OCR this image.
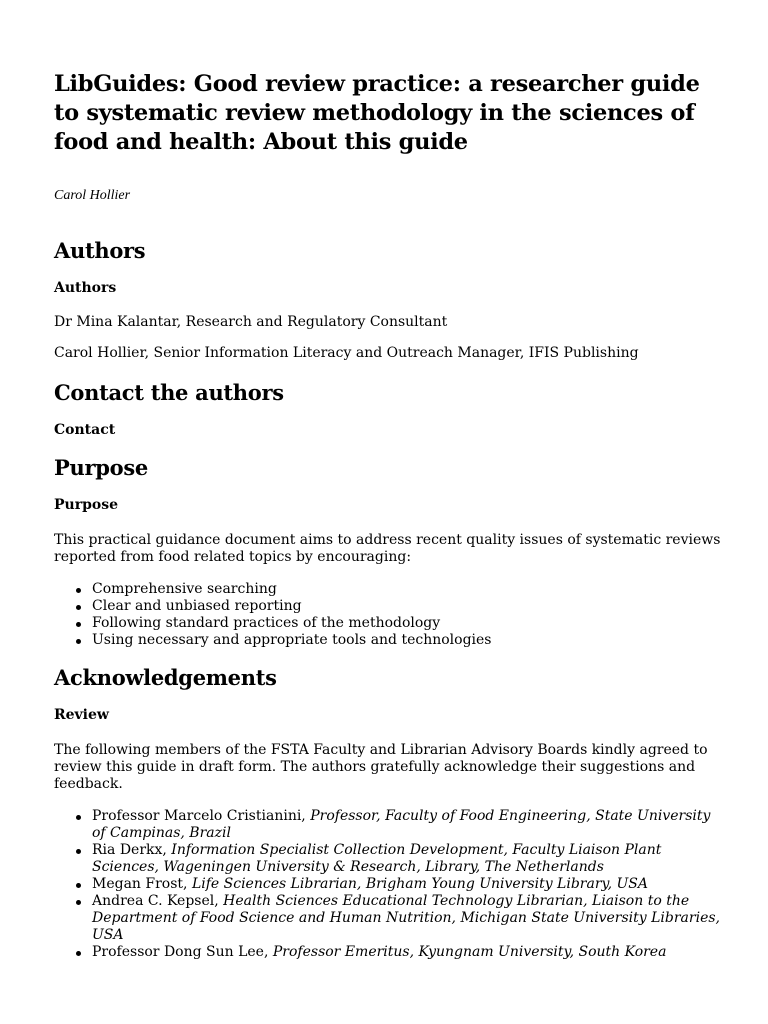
LibGuides: Good review practice: a researcher guide to systematic review methodology in the sciences of food and health: About this guide
Carol Hollier
Authors
Authors

Dr Mina Kalantar, Research and Regulatory Consultant

Carol Hollier, Senior Information Literacy and Outreach Manager, IFIS Publishing

Contact the authors
Contact
Purpose
Purpose

This practical guidance document aims to address recent quality issues of systematic reviews reported from food related topics by encouraging:

Comprehensive searching
Clear and unbiased reporting
Following standard practices of the methodology
Using necessary and appropriate tools and technologies
Acknowledgements
Review

The following members of the FSTA Faculty and Librarian Advisory Boards kindly agreed to review this guide in draft form. The authors gratefully acknowledge their suggestions and feedback.

Professor Marcelo Cristianini, Professor, Faculty of Food Engineering, State University of Campinas, Brazil
Ria Derkx, Information Specialist Collection Development, Faculty Liaison Plant Sciences, Wageningen University & Research, Library, The Netherlands
Megan Frost, Life Sciences Librarian, Brigham Young University Library, USA
Andrea C. Kepsel, Health Sciences Educational Technology Librarian, Liaison to the Department of Food Science and Human Nutrition, Michigan State University Libraries, USA
Professor Dong Sun Lee, Professor Emeritus, Kyungnam University, South Korea
